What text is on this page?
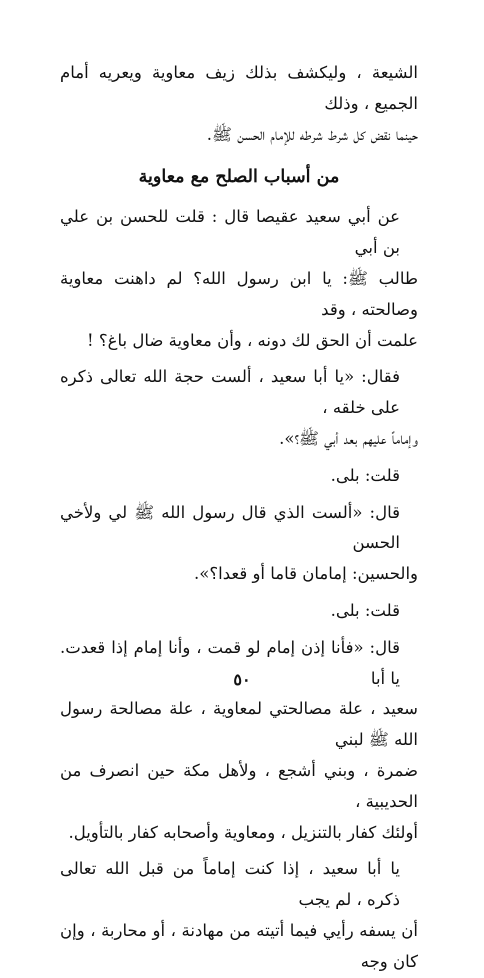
الشيعة ، وليكشف بذلك زيف معاوية ويعريه أمام الجميع ، وذلك
حينما نقض كل شرط شرطه للإمام الحسن ﷺ.

من أسباب الصلح مع معاوية

عن أبي سعيد عقيصا قال : قلت للحسن بن علي بن أبي
طالب ﷺ: يا ابن رسول الله؟ لم داهنت معاوية وصالحته ، وقد
علمت أن الحق لك دونه ، وأن معاوية ضال باغ؟ !

فقال: «يا أبا سعيد ، ألست حجة الله تعالى ذكره على خلقه ،
وإماماً عليهم بعد أبي ﷺ؟».

قلت: بلى.

قال: «ألست الذي قال رسول الله ﷺ لي ولأخي الحسن
والحسين: إمامان قاما أو قعدا؟».

قلت: بلى.

قال: «فأنا إذن إمام لو قمت ، وأنا إمام إذا قعدت. يا أبا
سعيد ، علة مصالحتي لمعاوية ، علة مصالحة رسول الله ﷺ لبني
ضمرة ، وبني أشجع ، ولأهل مكة حين انصرف من الحديبية ،
أولئك كفار بالتنزيل ، ومعاوية وأصحابه كفار بالتأويل.

يا أبا سعيد ، إذا كنت إماماً من قبل الله تعالى ذكره ، لم يجب
أن يسفه رأيي فيما أتيته من مهادنة ، أو محاربة ، وإن كان وجه

٥٠
